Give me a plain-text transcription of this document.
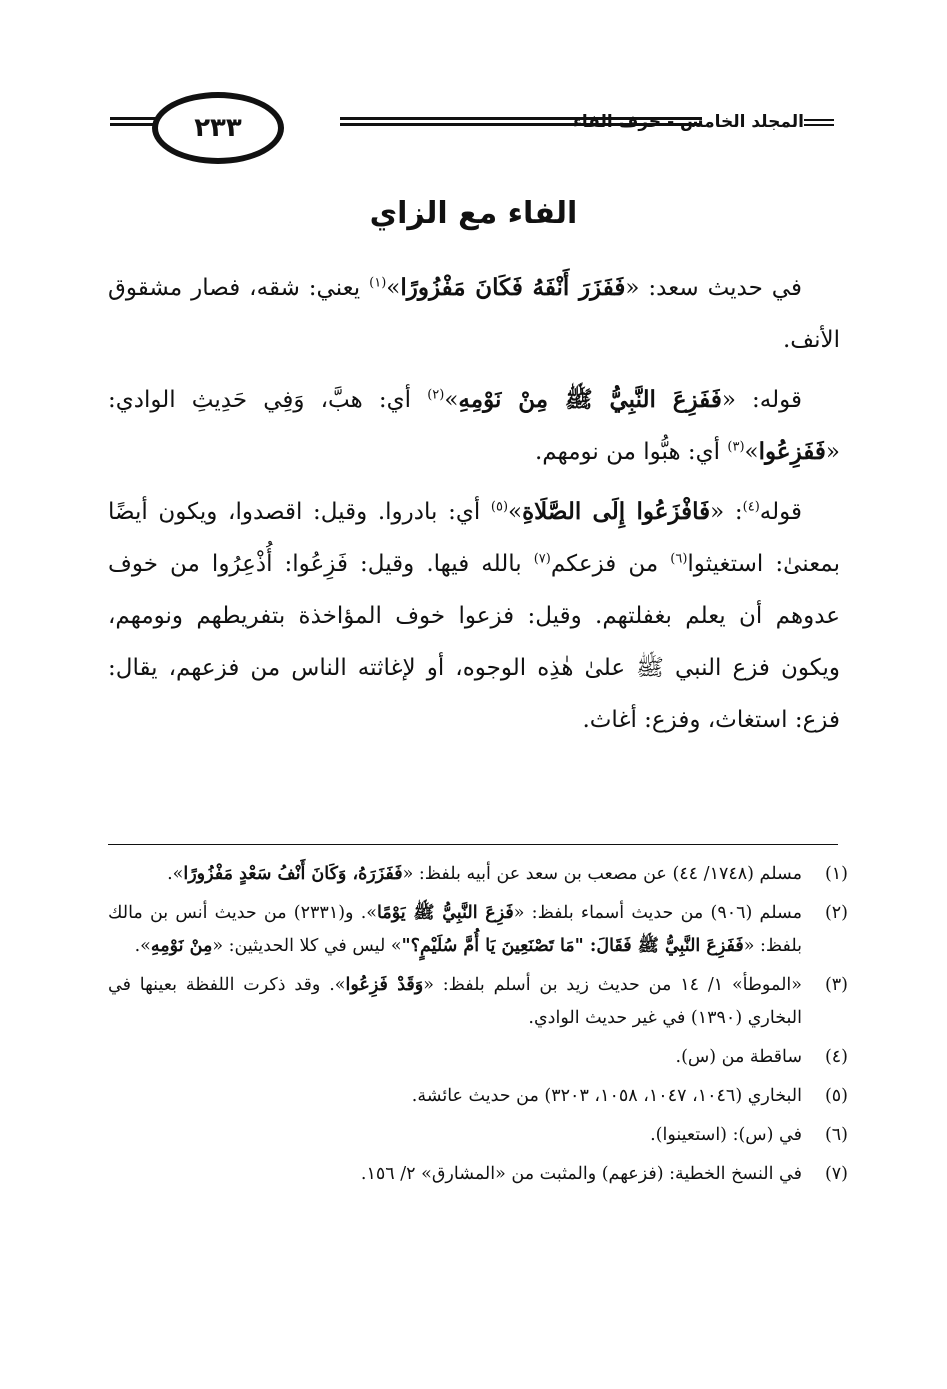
٢٣٣	المجلد الخامس - حرف الفاء
الفاء مع الزاي

في حديث سعد: «فَفَزَرَ أَنْفَهُ فَكَانَ مَفْزُورًا»$^{(١)}$ يعني: شقه، فصار مشقوق الأنف.

قوله: «فَفَزِعَ النَّبِيُّ ﷺ مِنْ نَوْمِهِ»$^{(٢)}$ أي: هبَّ، وَفِي حَدِيثِ الوادي: «فَفَزِعُوا»$^{(٣)}$ أي: هبُّوا من نومهم.

قوله$^{(٤)}$: «فَافْزَعُوا إِلَى الصَّلَاةِ»$^{(٥)}$ أي: بادروا. وقيل: اقصدوا، ويكون أيضًا بمعنىٰ: استغيثوا$^{(٦)}$ من فزعكم$^{(٧)}$ بالله فيها. وقيل: فَزِعُوا: أُذْعِرُوا من خوف عدوهم أن يعلم بغفلتهم. وقيل: فزعوا خوف المؤاخذة بتفريطهم ونومهم، ويكون فزع النبي ﷺ علىٰ هٰذِه الوجوه، أو لإغاثته الناس من فزعهم، يقال: فزع: استغاث، وفزع: أغاث.

(١)
مسلم (١٧٤٨/ ٤٤) عن مصعب بن سعد عن أبيه بلفظ: «فَفَزَرَهُ، وَكَانَ أَنْفُ سَعْدٍ مَفْزُورًا».
(٢)
مسلم (٩٠٦) من حديث أسماء بلفظ: «فَزِعَ النَّبِيُّ ﷺ يَوْمًا». و(٢٣٣١) من حديث أنس بن مالك بلفظ: «فَفَزِعَ النَّبِيُّ ﷺ فَقَالَ: "مَا تَصْنَعِينَ يَا أُمَّ سُلَيْمٍ؟"» ليس في كلا الحديثين: «مِنْ نَوْمِهِ».
(٣)
«الموطأ» ١/ ١٤ من حديث زيد بن أسلم بلفظ: «وَقَدْ فَزِعُوا». وقد ذكرت اللفظة بعينها في البخاري (١٣٩٠) في غير حديث الوادي.
(٤)
ساقطة من (س).
(٥)
البخاري (١٠٤٦، ١٠٤٧، ١٠٥٨، ٣٢٠٣) من حديث عائشة.
(٦)
في (س): (استعينوا).
(٧)
في النسخ الخطية: (فزعهم) والمثبت من «المشارق» ٢/ ١٥٦.
